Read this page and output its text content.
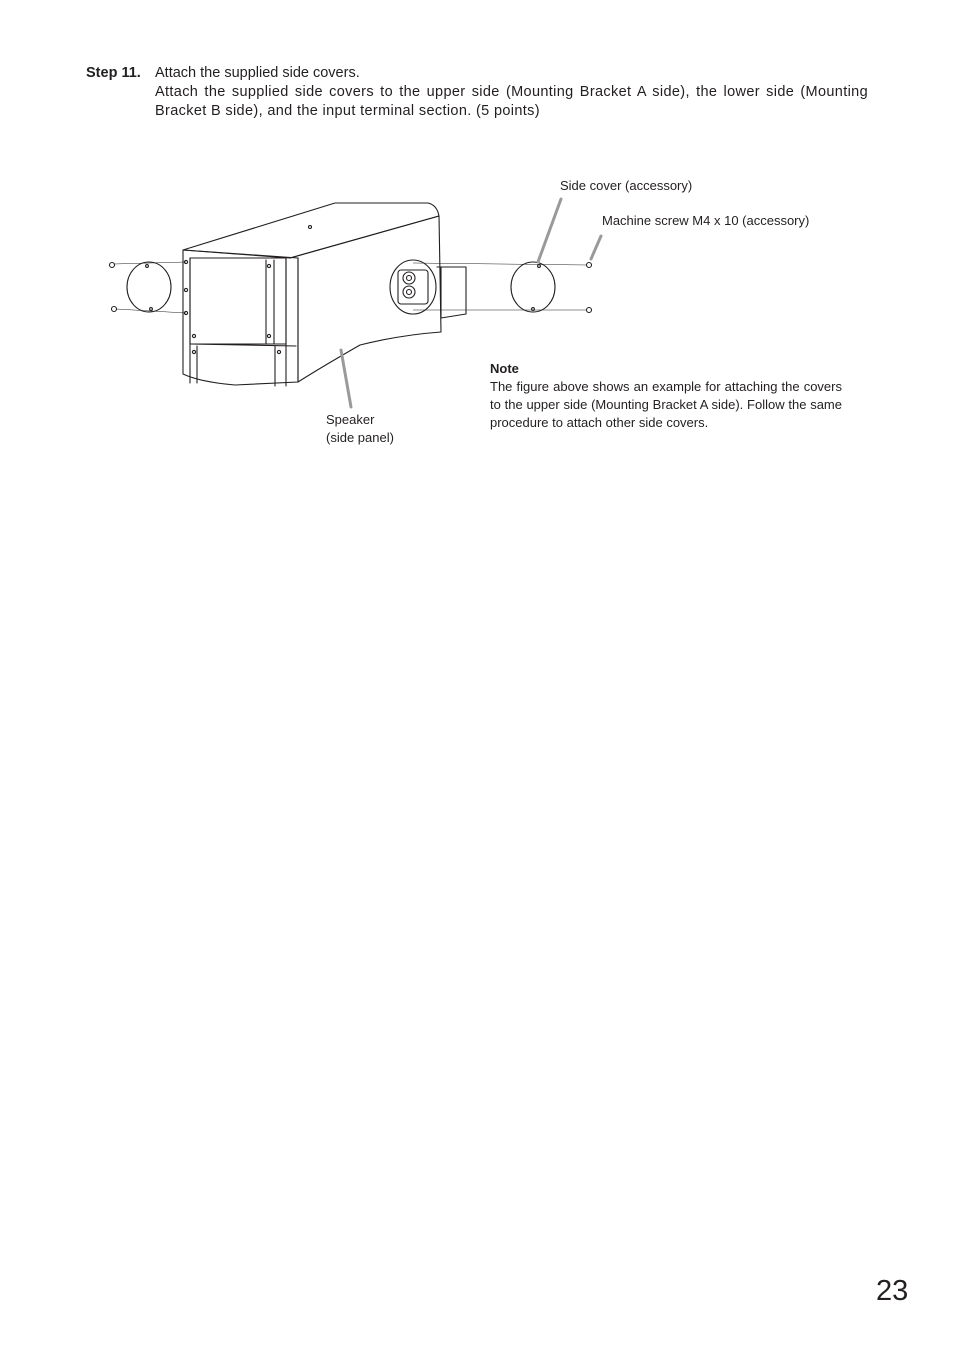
Step 11. Attach the supplied side covers.
Attach the supplied side covers to the upper side (Mounting Bracket A side), the lower side (Mounting Bracket B side), and the input terminal section. (5 points)
Side cover (accessory)
Machine screw M4 x 10 (accessory)
Speaker
(side panel)
Note
The figure above shows an example for attaching the covers to the upper side (Mounting Bracket A side). Follow the same procedure to attach other side covers.
23
